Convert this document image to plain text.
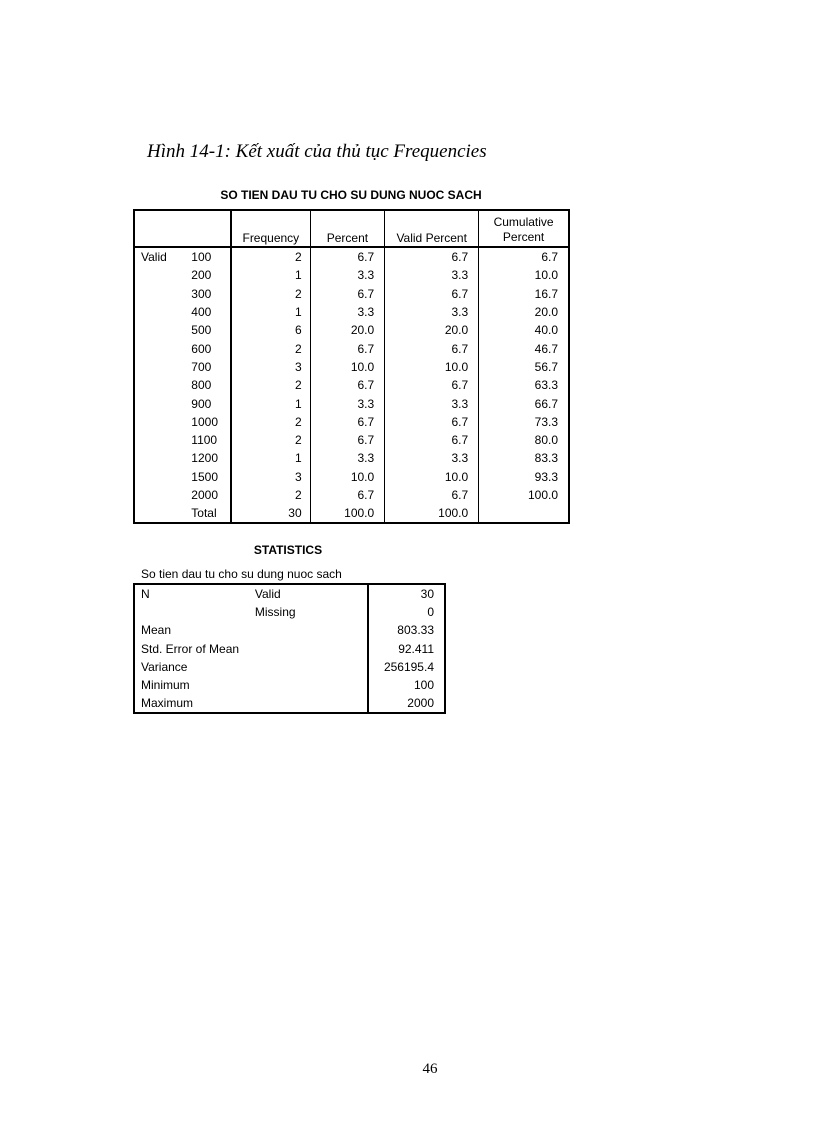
Hình 14-1: Kết xuất của thủ tục Frequencies
SO TIEN DAU TU CHO SU DUNG NUOC SACH
		Frequency	Percent	Valid Percent	Cumulative Percent
Valid	100	2	6.7	6.7	6.7
	200	1	3.3	3.3	10.0
	300	2	6.7	6.7	16.7
	400	1	3.3	3.3	20.0
	500	6	20.0	20.0	40.0
	600	2	6.7	6.7	46.7
	700	3	10.0	10.0	56.7
	800	2	6.7	6.7	63.3
	900	1	3.3	3.3	66.7
	1000	2	6.7	6.7	73.3
	1100	2	6.7	6.7	80.0
	1200	1	3.3	3.3	83.3
	1500	3	10.0	10.0	93.3
	2000	2	6.7	6.7	100.0
	Total	30	100.0	100.0	
STATISTICS
So tien dau tu cho su dung nuoc sach
N	Valid	30
	Missing	0
Mean		803.33
Std. Error of Mean		92.411
Variance		256195.4
Minimum		100
Maximum		2000
46
